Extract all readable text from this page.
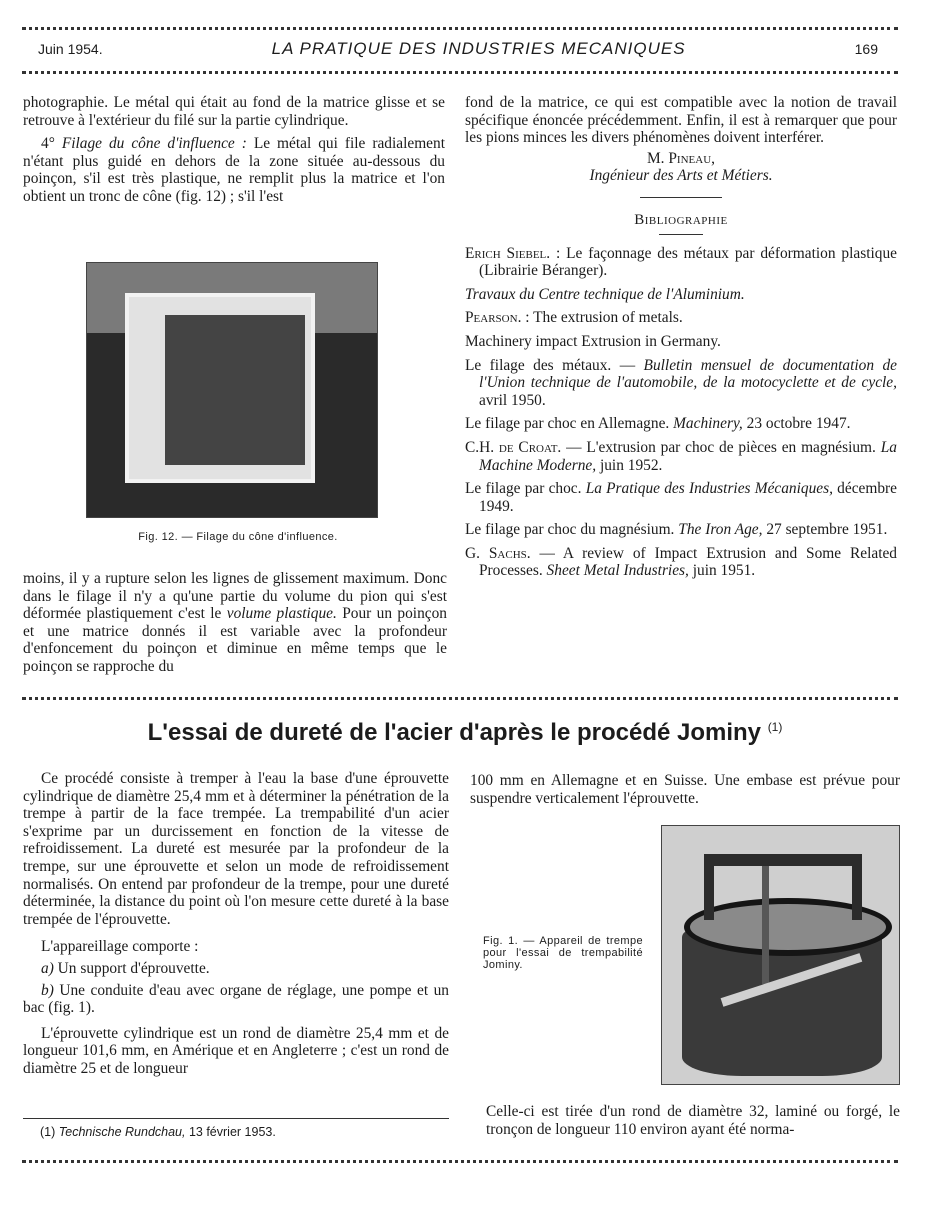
Juin 1954.	LA PRATIQUE DES INDUSTRIES MECANIQUES	169

photographie. Le métal qui était au fond de la matrice glisse et se retrouve à l'extérieur du filé sur la partie cylindrique.

4° Filage du cône d'influence : Le métal qui file radialement n'étant plus guidé en dehors de la zone située au-dessous du poinçon, s'il est très plastique, ne remplit plus la matrice et l'on obtient un tronc de cône (fig. 12) ; s'il l'est

Fig. 12. — Filage du cône d'influence.

moins, il y a rupture selon les lignes de glissement maximum. Donc dans le filage il n'y a qu'une partie du volume du pion qui s'est déformée plastiquement c'est le volume plastique. Pour un poinçon et une matrice donnés il est variable avec la profondeur d'enfoncement du poinçon et diminue en même temps que le poinçon se rapproche du

fond de la matrice, ce qui est compatible avec la notion de travail spécifique énoncée précédemment. Enfin, il est à remarquer que pour les pions minces les divers phénomènes doivent interférer.

M. Pineau,
Ingénieur des Arts et Métiers.
Bibliographie

Erich Siebel. : Le façonnage des métaux par déformation plastique (Librairie Béranger).

Travaux du Centre technique de l'Aluminium.

Pearson. : The extrusion of metals.

Machinery impact Extrusion in Germany.

Le filage des métaux. — Bulletin mensuel de documentation de l'Union technique de l'automobile, de la motocyclette et de cycle, avril 1950.

Le filage par choc en Allemagne. Machinery, 23 octobre 1947.

C.H. de Croat. — L'extrusion par choc de pièces en magnésium. La Machine Moderne, juin 1952.

Le filage par choc. La Pratique des Industries Mécaniques, décembre 1949.

Le filage par choc du magnésium. The Iron Age, 27 septembre 1951.

G. Sachs. — A review of Impact Extrusion and Some Related Processes. Sheet Metal Industries, juin 1951.

L'essai de dureté de l'acier d'après le procédé Jominy $^{(1)}$

Ce procédé consiste à tremper à l'eau la base d'une éprouvette cylindrique de diamètre 25,4 mm et à déterminer la pénétration de la trempe à partir de la face trempée. La trempabilité d'un acier s'exprime par un durcissement en fonction de la vitesse de refroidissement. La dureté est mesurée par la profondeur de la trempe, sur une éprouvette et selon un mode de refroidissement normalisés. On entend par profondeur de la trempe, pour une dureté déterminée, la distance du point où l'on mesure cette dureté à la base trempée de l'éprouvette.

L'appareillage comporte :

a) Un support d'éprouvette.

b) Une conduite d'eau avec organe de réglage, une pompe et un bac (fig. 1).

L'éprouvette cylindrique est un rond de diamètre 25,4 mm et de longueur 101,6 mm, en Amérique et en Angleterre ; c'est un rond de diamètre 25 et de longueur

100 mm en Allemagne et en Suisse. Une embase est prévue pour suspendre verticalement l'éprouvette.

Fig. 1. — Appareil de trempe pour l'essai de trempabilité Jominy.

Celle-ci est tirée d'un rond de diamètre 32, laminé ou forgé, le tronçon de longueur 110 environ ayant été norma-

(1) Technische Rundchau, 13 février 1953.
